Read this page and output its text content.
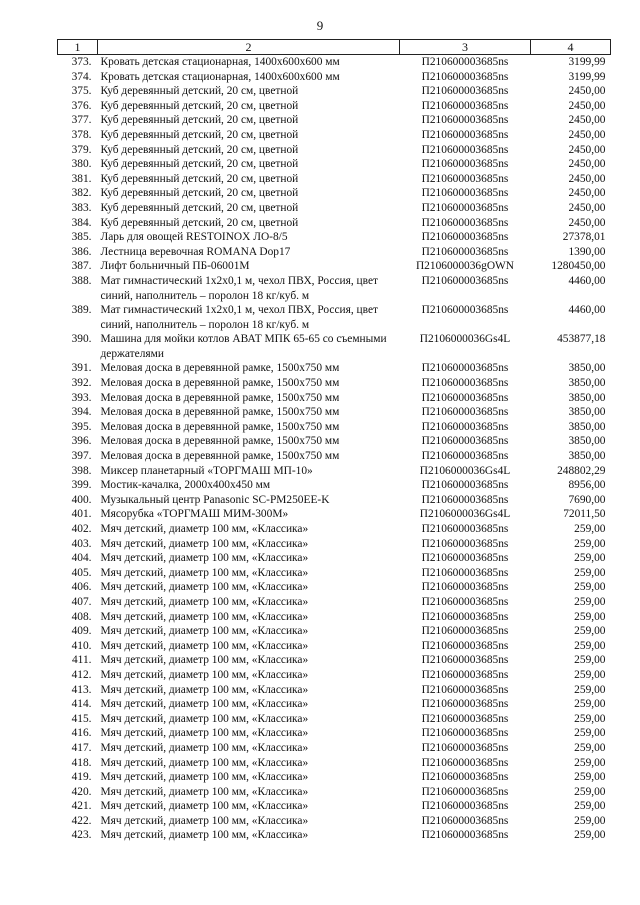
9
1	2	3	4
373.	Кровать детская стационарная, 1400х600х600 мм	П210600003685ns	3199,99
374.	Кровать детская стационарная, 1400х600х600 мм	П210600003685ns	3199,99
375.	Куб деревянный детский, 20 см, цветной	П210600003685ns	2450,00
376.	Куб деревянный детский, 20 см, цветной	П210600003685ns	2450,00
377.	Куб деревянный детский, 20 см, цветной	П210600003685ns	2450,00
378.	Куб деревянный детский, 20 см, цветной	П210600003685ns	2450,00
379.	Куб деревянный детский, 20 см, цветной	П210600003685ns	2450,00
380.	Куб деревянный детский, 20 см, цветной	П210600003685ns	2450,00
381.	Куб деревянный детский, 20 см, цветной	П210600003685ns	2450,00
382.	Куб деревянный детский, 20 см, цветной	П210600003685ns	2450,00
383.	Куб деревянный детский, 20 см, цветной	П210600003685ns	2450,00
384.	Куб деревянный детский, 20 см, цветной	П210600003685ns	2450,00
385.	Ларь для овощей RESTOINOX ЛО-8/5	П210600003685ns	27378,01
386.	Лестница веревочная ROMANA Dop17	П210600003685ns	1390,00
387.	Лифт больничный ПБ-06001М	П2106000036gOWN	1280450,00
388.	Мат гимнастический 1х2х0,1 м, чехол ПВХ, Россия, цвет синий, наполнитель – поролон 18 кг/куб. м	П210600003685ns	4460,00
389.	Мат гимнастический 1х2х0,1 м, чехол ПВХ, Россия, цвет синий, наполнитель – поролон 18 кг/куб. м	П210600003685ns	4460,00
390.	Машина для мойки котлов АВАТ МПК 65-65 со съемными держателями	П2106000036Gs4L	453877,18
391.	Меловая доска в деревянной рамке, 1500х750 мм	П210600003685ns	3850,00
392.	Меловая доска в деревянной рамке, 1500х750 мм	П210600003685ns	3850,00
393.	Меловая доска в деревянной рамке, 1500х750 мм	П210600003685ns	3850,00
394.	Меловая доска в деревянной рамке, 1500х750 мм	П210600003685ns	3850,00
395.	Меловая доска в деревянной рамке, 1500х750 мм	П210600003685ns	3850,00
396.	Меловая доска в деревянной рамке, 1500х750 мм	П210600003685ns	3850,00
397.	Меловая доска в деревянной рамке, 1500х750 мм	П210600003685ns	3850,00
398.	Миксер планетарный «ТОРГМАШ МП-10»	П2106000036Gs4L	248802,29
399.	Мостик-качалка, 2000х400х450 мм	П210600003685ns	8956,00
400.	Музыкальный центр Panasonic SC-PM250EE-K	П210600003685ns	7690,00
401.	Мясорубка «ТОРГМАШ МИМ-300М»	П2106000036Gs4L	72011,50
402.	Мяч детский, диаметр 100 мм, «Классика»	П210600003685ns	259,00
403.	Мяч детский, диаметр 100 мм, «Классика»	П210600003685ns	259,00
404.	Мяч детский, диаметр 100 мм, «Классика»	П210600003685ns	259,00
405.	Мяч детский, диаметр 100 мм, «Классика»	П210600003685ns	259,00
406.	Мяч детский, диаметр 100 мм, «Классика»	П210600003685ns	259,00
407.	Мяч детский, диаметр 100 мм, «Классика»	П210600003685ns	259,00
408.	Мяч детский, диаметр 100 мм, «Классика»	П210600003685ns	259,00
409.	Мяч детский, диаметр 100 мм, «Классика»	П210600003685ns	259,00
410.	Мяч детский, диаметр 100 мм, «Классика»	П210600003685ns	259,00
411.	Мяч детский, диаметр 100 мм, «Классика»	П210600003685ns	259,00
412.	Мяч детский, диаметр 100 мм, «Классика»	П210600003685ns	259,00
413.	Мяч детский, диаметр 100 мм, «Классика»	П210600003685ns	259,00
414.	Мяч детский, диаметр 100 мм, «Классика»	П210600003685ns	259,00
415.	Мяч детский, диаметр 100 мм, «Классика»	П210600003685ns	259,00
416.	Мяч детский, диаметр 100 мм, «Классика»	П210600003685ns	259,00
417.	Мяч детский, диаметр 100 мм, «Классика»	П210600003685ns	259,00
418.	Мяч детский, диаметр 100 мм, «Классика»	П210600003685ns	259,00
419.	Мяч детский, диаметр 100 мм, «Классика»	П210600003685ns	259,00
420.	Мяч детский, диаметр 100 мм, «Классика»	П210600003685ns	259,00
421.	Мяч детский, диаметр 100 мм, «Классика»	П210600003685ns	259,00
422.	Мяч детский, диаметр 100 мм, «Классика»	П210600003685ns	259,00
423.	Мяч детский, диаметр 100 мм, «Классика»	П210600003685ns	259,00
